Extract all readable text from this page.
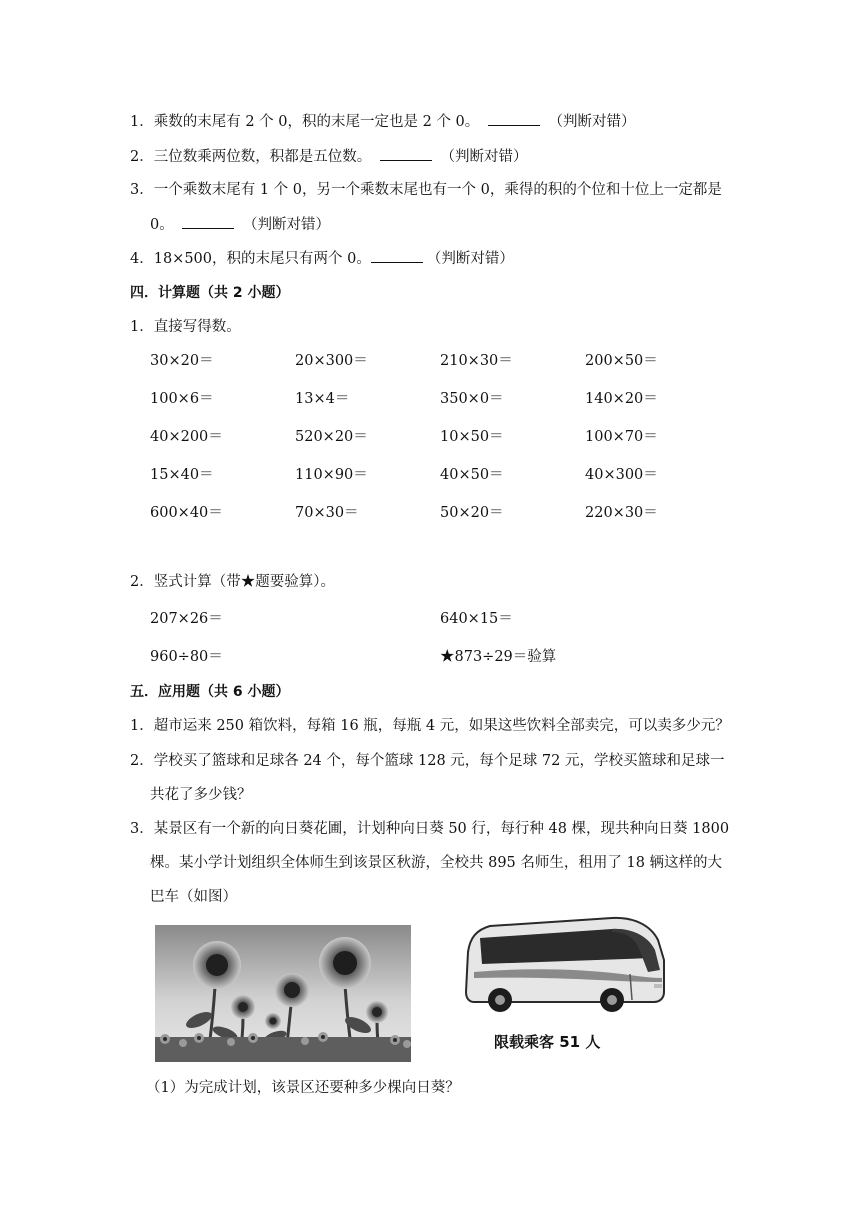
1．乘数的末尾有 2 个 0，积的末尾一定也是 2 个 0。	（判断对错）
2．三位数乘两位数，积都是五位数。	（判断对错）
3．一个乘数末尾有 1 个 0，另一个乘数末尾也有一个 0，乘得的积的个位和十位上一定都是
0。	（判断对错）
4．18×500，积的末尾只有两个 0。	（判断对错）
四．计算题（共 2 小题）
1．直接写得数。
30×20＝	20×300＝	210×30＝	200×50＝
100×6＝	13×4＝	350×0＝	140×20＝
40×200＝	520×20＝	10×50＝	100×70＝
15×40＝	110×90＝	40×50＝	40×300＝
600×40＝	70×30＝	50×20＝	220×30＝
2．竖式计算（带★题要验算）。
207×26＝	640×15＝
960÷80＝	★873÷29＝验算
五．应用题（共 6 小题）
1．超市运来 250 箱饮料，每箱 16 瓶，每瓶 4 元，如果这些饮料全部卖完，可以卖多少元？
2．学校买了篮球和足球各 24 个，每个篮球 128 元，每个足球 72 元，学校买篮球和足球一
共花了多少钱？
3．某景区有一个新的向日葵花圃，计划种向日葵 50 行，每行种 48 棵，现共种向日葵 1800
棵。某小学计划组织全体师生到该景区秋游，全校共 895 名师生，租用了 18 辆这样的大
巴车（如图）
限载乘客 51 人
（1）为完成计划，该景区还要种多少棵向日葵？
